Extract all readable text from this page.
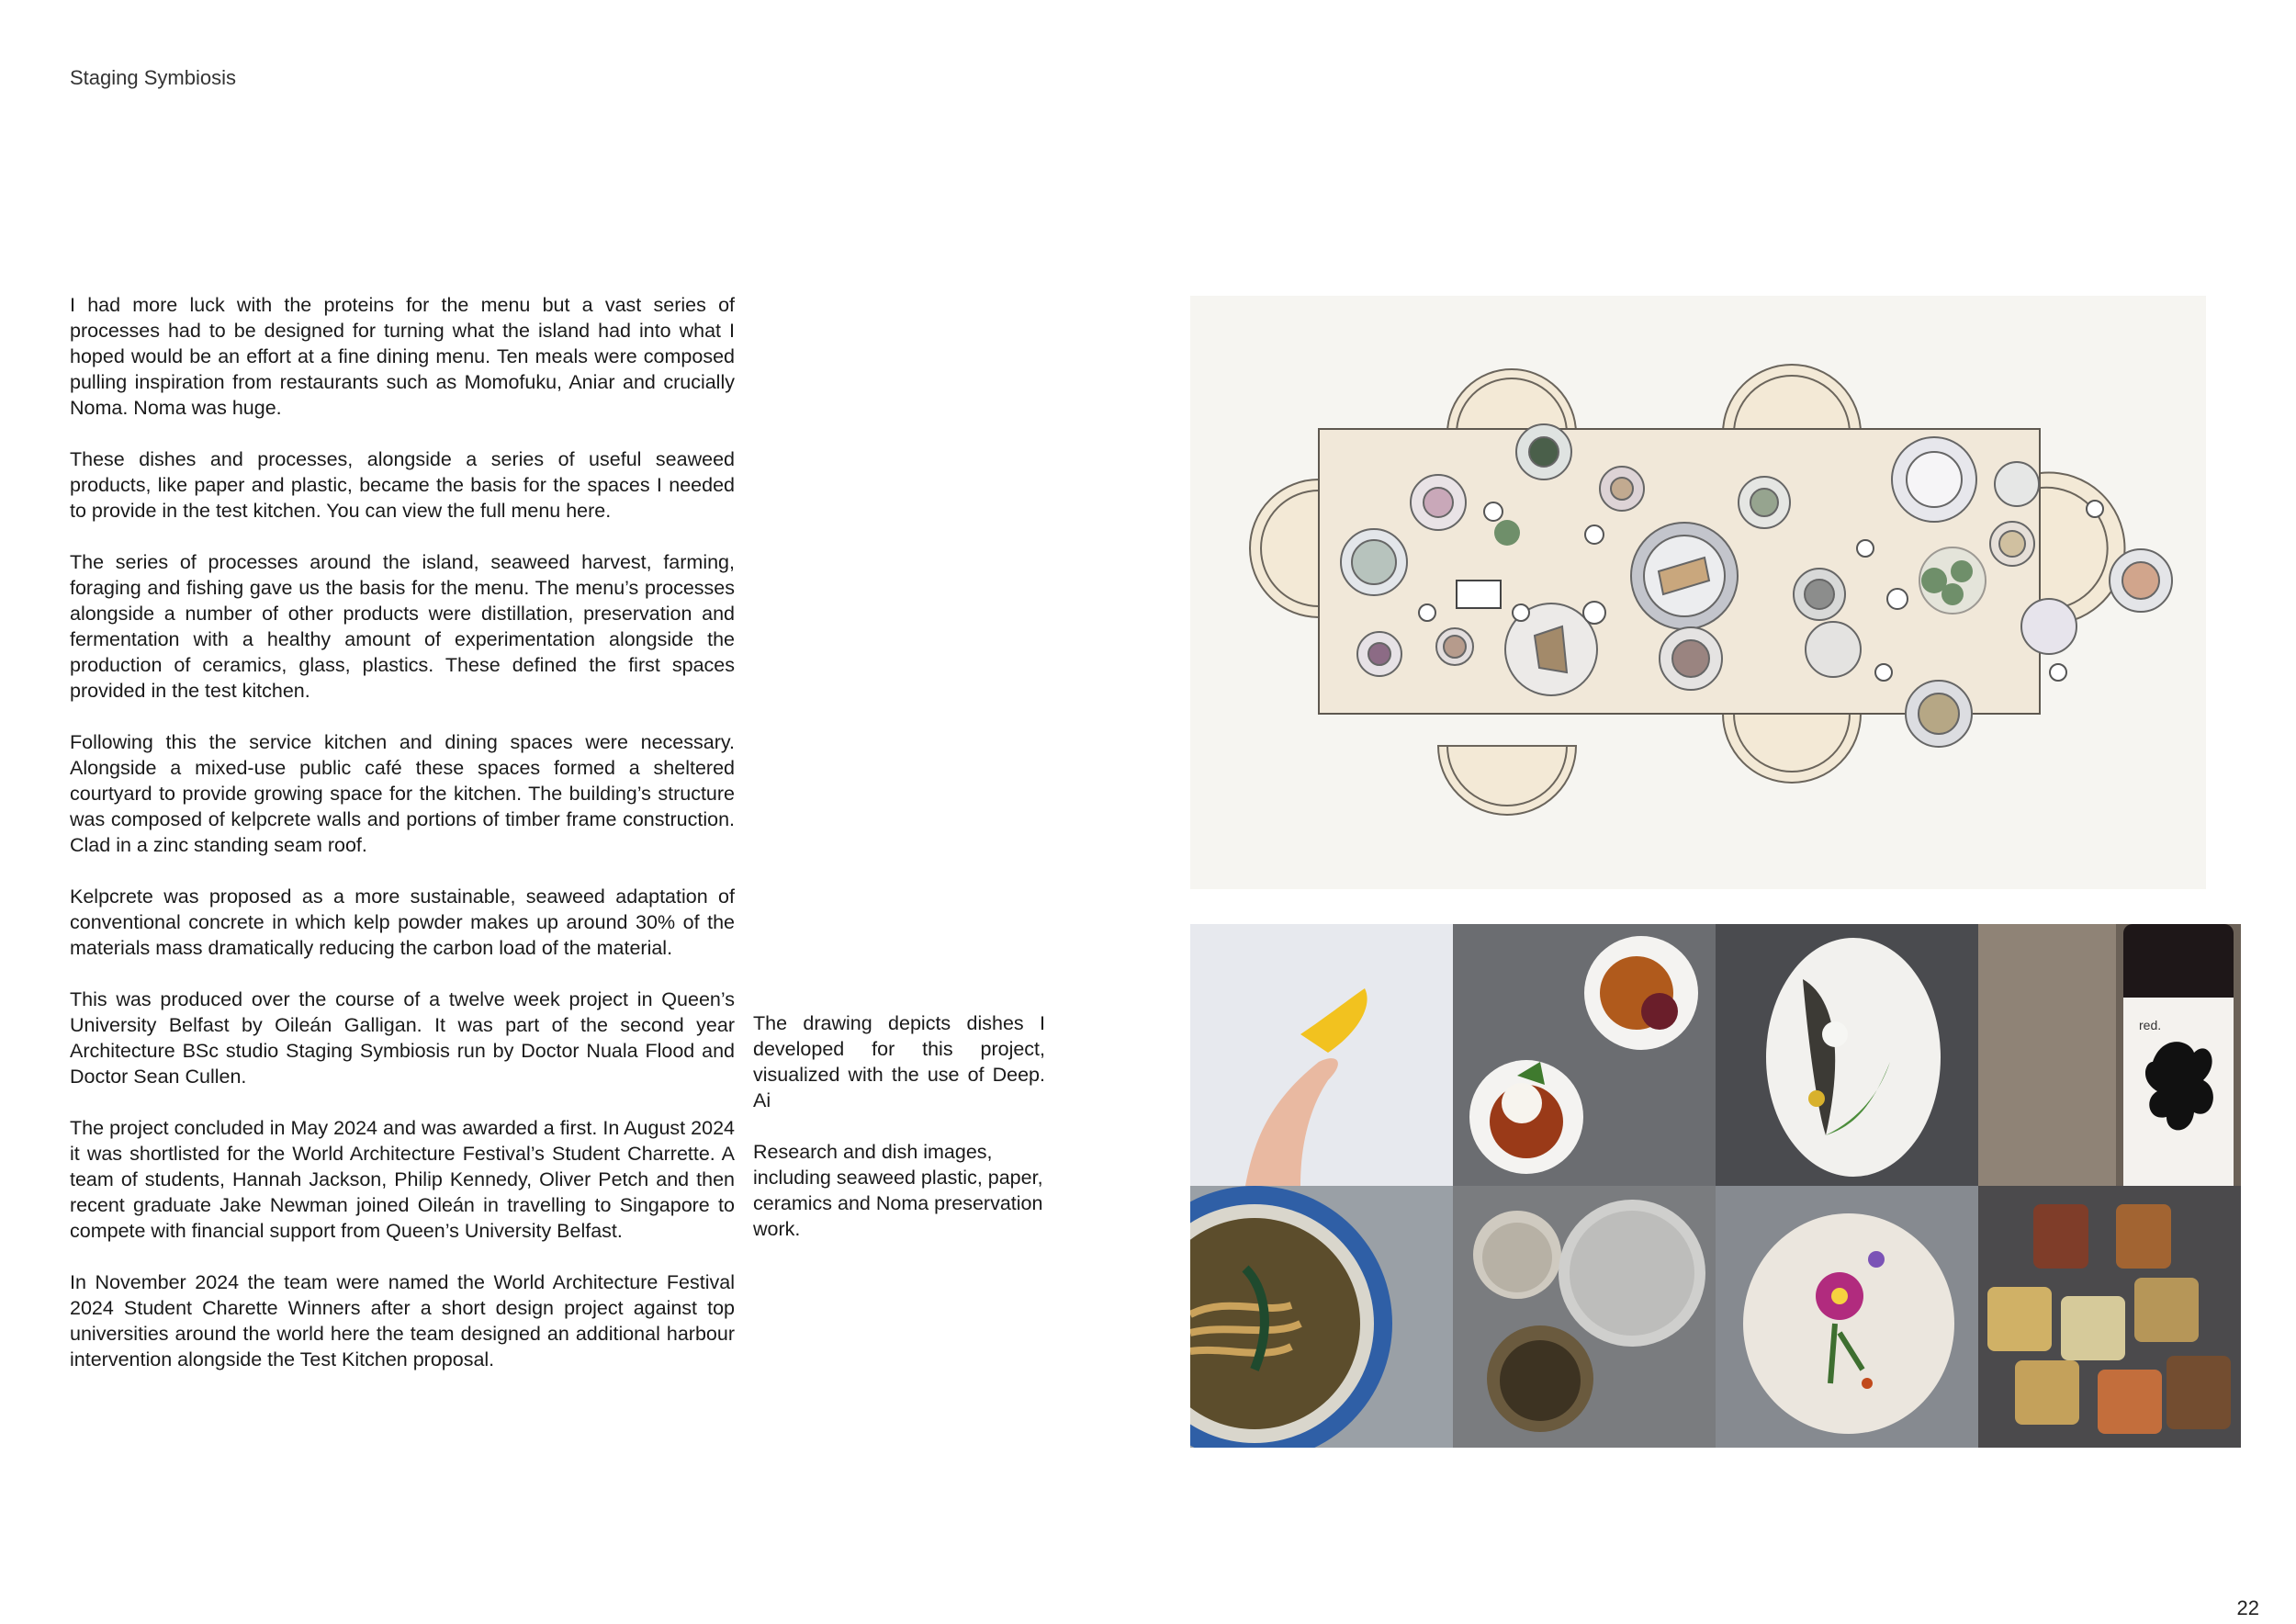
Staging Symbiosis

I had more luck with the proteins for the menu but a vast series of processes had to be designed for turning what the island had into what I hoped would be an effort at a fine dining menu. Ten meals were composed pulling inspiration from restaurants such as Momofuku, Aniar and crucially Noma. Noma was huge.

These dishes and processes, alongside a series of useful seaweed products, like paper and plastic, became the basis for the spaces I needed to provide in the test kitchen. You can view the full menu here.

The series of processes around the island, seaweed harvest, farming, foraging and fishing gave us the basis for the menu. The menu’s processes alongside a number of other products were distillation, preservation and fermentation with a healthy amount of experimentation alongside the production of ceramics, glass, plastics. These defined the first spaces provided in the test kitchen.

Following this the service kitchen and dining spaces were necessary. Alongside a mixed-use public café these spaces formed a sheltered courtyard to provide growing space for the kitchen. The building’s structure was composed of kelpcrete walls and portions of timber frame construction. Clad in a zinc standing seam roof.

Kelpcrete was proposed as a more sustainable, seaweed adaptation of conventional concrete in which kelp powder makes up around 30% of the materials mass dramatically reducing the carbon load of the material.

This was produced over the course of a twelve week project in Queen’s University Belfast by Oileán Galligan. It was part of the second year Architecture BSc studio Staging Symbiosis run by Doctor Nuala Flood and Doctor Sean Cullen.

The project concluded in May 2024 and was awarded a first. In August 2024 it was shortlisted for the World Architecture Festival’s Student Charrette. A team of students, Hannah Jackson, Philip Kennedy, Oliver Petch and then recent graduate Jake Newman joined Oileán in travelling to Singapore to compete with financial support from Queen’s University Belfast.

In November 2024 the team were named the World Architecture Festival 2024 Student Charette Winners after a short design project against top universities around the world here the team designed an additional harbour intervention alongside the Test Kitchen proposal.

The drawing depicts dishes I developed for this project, visualized with the use of Deep. Ai

Research and dish images, including seaweed plastic, paper, ceramics and Noma preservation work.

red.
22
